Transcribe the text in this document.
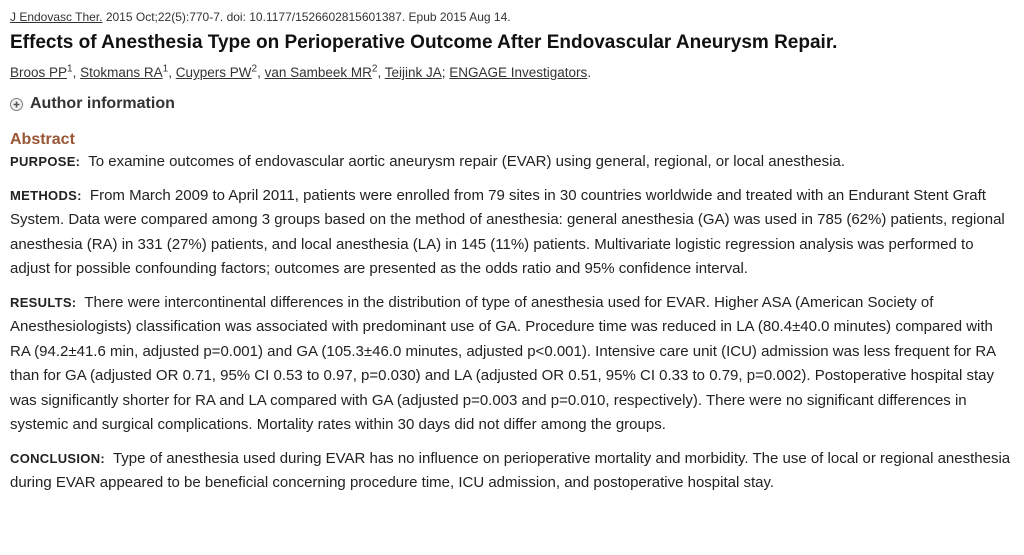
J Endovasc Ther. 2015 Oct;22(5):770-7. doi: 10.1177/1526602815601387. Epub 2015 Aug 14.
Effects of Anesthesia Type on Perioperative Outcome After Endovascular Aneurysm Repair.
Broos $PP^1$, Stokmans $RA^1$, Cuypers $PW^2$, van Sambeek $MR^2$, Teijink JA; ENGAGE Investigators.
Author information
Abstract
PURPOSE: To examine outcomes of endovascular aortic aneurysm repair (EVAR) using general, regional, or local anesthesia.
METHODS: From March 2009 to April 2011, patients were enrolled from 79 sites in 30 countries worldwide and treated with an Endurant Stent Graft System. Data were compared among 3 groups based on the method of anesthesia: general anesthesia (GA) was used in 785 (62%) patients, regional anesthesia (RA) in 331 (27%) patients, and local anesthesia (LA) in 145 (11%) patients. Multivariate logistic regression analysis was performed to adjust for possible confounding factors; outcomes are presented as the odds ratio and 95% confidence interval.
RESULTS: There were intercontinental differences in the distribution of type of anesthesia used for EVAR. Higher ASA (American Society of Anesthesiologists) classification was associated with predominant use of GA. Procedure time was reduced in LA (80.4±40.0 minutes) compared with RA (94.2±41.6 min, adjusted p=0.001) and GA (105.3±46.0 minutes, adjusted p<0.001). Intensive care unit (ICU) admission was less frequent for RA than for GA (adjusted OR 0.71, 95% CI 0.53 to 0.97, p=0.030) and LA (adjusted OR 0.51, 95% CI 0.33 to 0.79, p=0.002). Postoperative hospital stay was significantly shorter for RA and LA compared with GA (adjusted p=0.003 and p=0.010, respectively). There were no significant differences in systemic and surgical complications. Mortality rates within 30 days did not differ among the groups.
CONCLUSION: Type of anesthesia used during EVAR has no influence on perioperative mortality and morbidity. The use of local or regional anesthesia during EVAR appeared to be beneficial concerning procedure time, ICU admission, and postoperative hospital stay.
